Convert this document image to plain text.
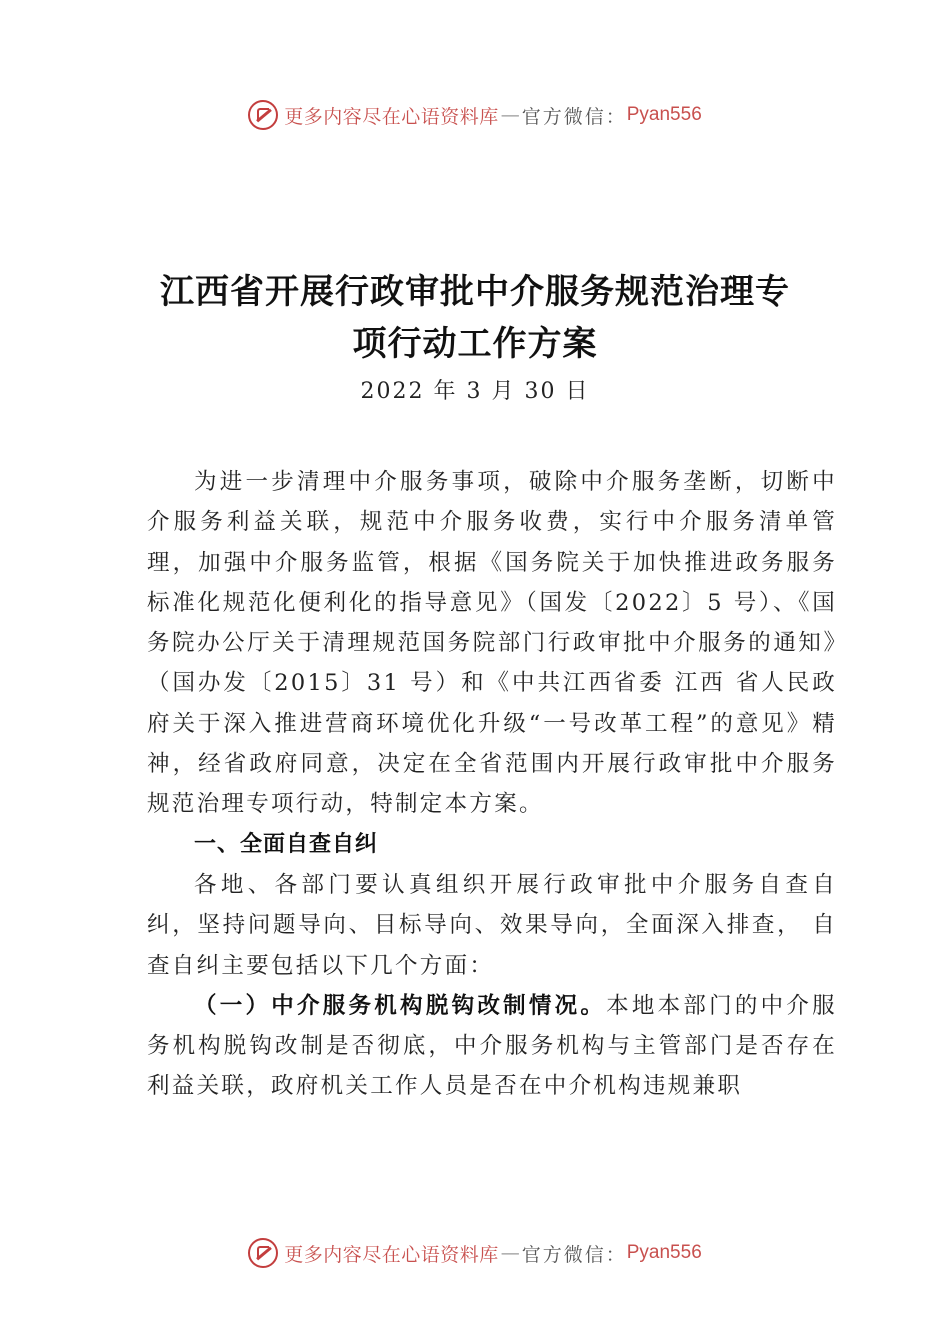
更多内容尽在心语资料库 — 官方微信： Pyan556
江西省开展行政审批中介服务规范治理专
项行动工作方案
2022 年 3 月 30 日

为进一步清理中介服务事项，破除中介服务垄断，切断中介服务利益关联，规范中介服务收费，实行中介服务清单管理，加强中介服务监管，根据《国务院关于加快推进政务服务标准化规范化便利化的指导意见》（国发〔2022〕5 号）、《国务院办公厅关于清理规范国务院部门行政审批中介服务的通知》（国办发〔2015〕31 号）和《中共江西省委 江西 省人民政府关于深入推进营商环境优化升级“一号改革工程”的意见》精神，经省政府同意，决定在全省范围内开展行政审批中介服务规范治理专项行动，特制定本方案。

一、全面自查自纠

各地、各部门要认真组织开展行政审批中介服务自查自纠，坚持问题导向、目标导向、效果导向，全面深入排查， 自查自纠主要包括以下几个方面：

（一）中介服务机构脱钩改制情况。本地本部门的中介服务机构脱钩改制是否彻底，中介服务机构与主管部门是否存在利益关联，政府机关工作人员是否在中介机构违规兼职

更多内容尽在心语资料库 — 官方微信： Pyan556
